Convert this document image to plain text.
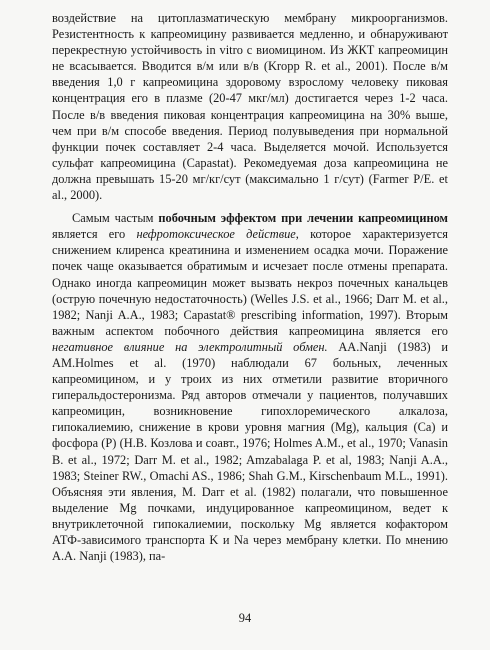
воздействие на цитоплазматическую мембрану микроорганизмов. Резистентность к капреомицину развивается медленно, и обнаруживают перекрестную устойчивость in vitro с виомицином. Из ЖКТ капреомицин не всасывается. Вводится в/м или в/в (Kropp R. et al., 2001). После в/м введения 1,0 г капреомицина здоровому взрослому человеку пиковая концентрация его в плазме (20-47 мкг/мл) достигается через 1-2 часа. После в/в введения пиковая концентрация капреомицина на 30% выше, чем при в/м способе введения. Период полувыведения при нормальной функции почек составляет 2-4 часа. Выделяется мочой. Используется сульфат капреомицина (Capastat). Рекомедуемая доза капреомицина не должна превышать 15-20 мг/кг/сут (максимально 1 г/сут) (Farmer P/E. et al., 2000).

Самым частым побочным эффектом при лечении капреомицином является его нефротоксическое действие, которое характеризуется снижением клиренса креатинина и изменением осадка мочи. Поражение почек чаще оказывается обратимым и исчезает после отмены препарата. Однако иногда капреомицин может вызвать некроз почечных канальцев (острую почечную недостаточность) (Welles J.S. et al., 1966; Darr M. et al., 1982; Nanji A.A., 1983; Capastat® prescribing information, 1997). Вторым важным аспектом побочного действия капреомицина является его негативное влияние на электролитный обмен. AA.Nanji (1983) и AM.Holmes et al. (1970) наблюдали 67 больных, леченных капреомицином, и у троих из них отметили развитие вторичного гиперальдостеронизма. Ряд авторов отмечали у пациентов, получавших капреомицин, возникновение гипохлоремического алкалоза, гипокалиемию, снижение в крови уровня магния (Mg), кальция (Ca) и фосфора (P) (Н.В. Козлова и соавт., 1976; Holmes A.M., et al., 1970; Vanasin B. et al., 1972; Darr M. et al., 1982; Amzabalaga P. et al, 1983; Nanji A.A., 1983; Steiner RW., Omachi AS., 1986; Shah G.M., Kirschenbaum M.L., 1991). Объясняя эти явления, M. Darr et al. (1982) полагали, что повышенное выделение Mg почками, индуцированное капреомицином, ведет к внутриклеточной гипокалиемии, поскольку Mg является кофактором АТФ-зависимого транспорта K и Na через мембрану клетки. По мнению A.A. Nanji (1983), па-

94
